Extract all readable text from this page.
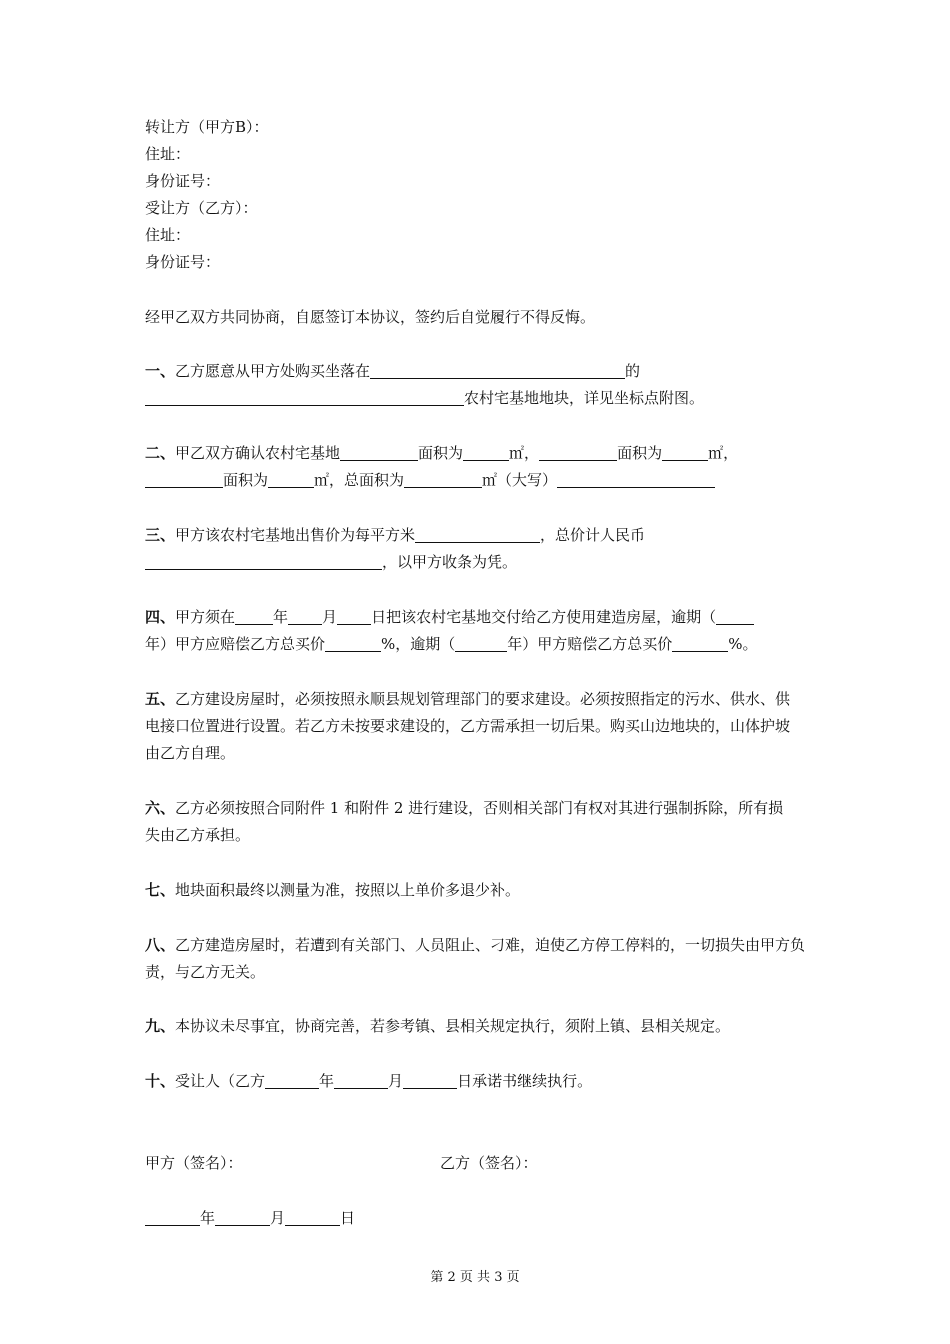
转让方（甲方B）：
住址：
身份证号：
受让方（乙方）：
住址：
身份证号：
经甲乙双方共同协商，自愿签订本协议，签约后自觉履行不得反悔。
一、乙方愿意从甲方处购买坐落在	的
农村宅基地地块，详见坐标点附图。
二、甲乙双方确认农村宅基地	面积为	㎡，	面积为	㎡，
面积为	㎡，总面积为	㎡（大写）
三、甲方该农村宅基地出售价为每平方米	，总价计人民币
，以甲方收条为凭。
四、甲方须在	年 月 日把该农村宅基地交付给乙方使用建造房屋，逾期（
年）甲方应赔偿乙方总买价	%，逾期（	年）甲方赔偿乙方总买价	%。
五、乙方建设房屋时，必须按照永顺县规划管理部门的要求建设。必须按照指定的污水、供水、供
电接口位置进行设置。若乙方未按要求建设的，乙方需承担一切后果。购买山边地块的，山体护坡
由乙方自理。
六、乙方必须按照合同附件 1 和附件 2 进行建设，否则相关部门有权对其进行强制拆除，所有损
失由乙方承担。
七、地块面积最终以测量为准，按照以上单价多退少补。
八、乙方建造房屋时，若遭到有关部门、人员阻止、刁难，迫使乙方停工停料的，一切损失由甲方负
责，与乙方无关。
九、本协议未尽事宜，协商完善，若参考镇、县相关规定执行，须附上镇、县相关规定。
十、受让人（乙方	年	月	日承诺书继续执行。
甲方（签名）：	乙方（签名）：
年	月	日
第 2 页 共 3 页
